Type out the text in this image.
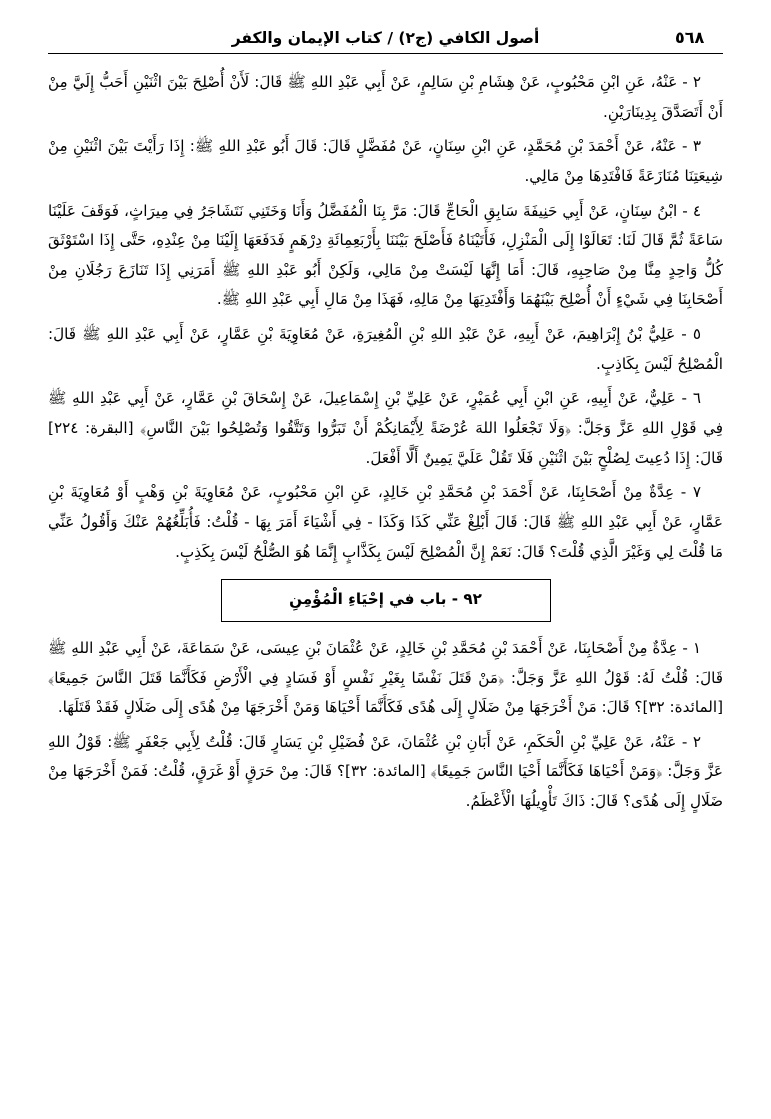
٥٦٨
أصول الكافي (ج٢) / كتاب الإيمان والكفر

٢ - عَنْهُ، عَنِ ابْنِ مَحْبُوبٍ، عَنْ هِشَامِ بْنِ سَالِمٍ، عَنْ أَبِي عَبْدِ اللهِ ﷺ قَالَ: لَأَنْ أُصْلِحَ بَيْنَ اثْنَيْنِ أَحَبُّ إِلَيَّ مِنْ أَنْ أَتَصَدَّقَ بِدِينَارَيْنِ.

٣ - عَنْهُ، عَنْ أَحْمَدَ بْنِ مُحَمَّدٍ، عَنِ ابْنِ سِنَانٍ، عَنْ مُفَضَّلٍ قَالَ: قَالَ أَبُو عَبْدِ اللهِ ﷺ: إِذَا رَأَيْتَ بَيْنَ اثْنَيْنِ مِنْ شِيعَتِنَا مُنَازَعَةً فَافْتَدِهَا مِنْ مَالِي.

٤ - ابْنُ سِنَانٍ، عَنْ أَبِي حَنِيفَةَ سَابِقِ الْحَاجِّ قَالَ: مَرَّ بِنَا الْمُفَضَّلُ وَأَنَا وَخَتَنِي نَتَشَاجَرُ فِي مِيرَاثٍ، فَوَقَفَ عَلَيْنَا سَاعَةً ثُمَّ قَالَ لَنَا: تَعَالَوْا إِلَى الْمَنْزِلِ، فَأَتَيْنَاهُ فَأَصْلَحَ بَيْنَنَا بِأَرْبَعِمِائَةِ دِرْهَمٍ فَدَفَعَهَا إِلَيْنَا مِنْ عِنْدِهِ، حَتَّى إِذَا اسْتَوْثَقَ كُلُّ وَاحِدٍ مِنَّا مِنْ صَاحِبِهِ، قَالَ: أَمَا إِنَّهَا لَيْسَتْ مِنْ مَالِي، وَلَكِنْ أَبُو عَبْدِ اللهِ ﷺ أَمَرَنِي إِذَا تَنَازَعَ رَجُلَانِ مِنْ أَصْحَابِنَا فِي شَيْءٍ أَنْ أُصْلِحَ بَيْنَهُمَا وَأَفْتَدِيَهَا مِنْ مَالِهِ، فَهَذَا مِنْ مَالِ أَبِي عَبْدِ اللهِ ﷺ.

٥ - عَلِيُّ بْنُ إِبْرَاهِيمَ، عَنْ أَبِيهِ، عَنْ عَبْدِ اللهِ بْنِ الْمُغِيرَةِ، عَنْ مُعَاوِيَةَ بْنِ عَمَّارٍ، عَنْ أَبِي عَبْدِ اللهِ ﷺ قَالَ: الْمُصْلِحُ لَيْسَ بِكَاذِبٍ.

٦ - عَلِيٌّ، عَنْ أَبِيهِ، عَنِ ابْنِ أَبِي عُمَيْرٍ، عَنْ عَلِيِّ بْنِ إِسْمَاعِيلَ، عَنْ إِسْحَاقَ بْنِ عَمَّارٍ، عَنْ أَبِي عَبْدِ اللهِ ﷺ فِي قَوْلِ اللهِ عَزَّ وَجَلَّ: ﴿وَلَا تَجْعَلُوا اللهَ عُرْضَةً لِأَيْمَانِكُمْ أَنْ تَبَرُّوا وَتَتَّقُوا وَتُصْلِحُوا بَيْنَ النَّاسِ﴾ [البقرة: ٢٢٤] قَالَ: إِذَا دُعِيتَ لِصُلْحٍ بَيْنَ اثْنَيْنِ فَلَا تَقُلْ عَلَيَّ يَمِينٌ أَلَّا أَفْعَلَ.

٧ - عِدَّةٌ مِنْ أَصْحَابِنَا، عَنْ أَحْمَدَ بْنِ مُحَمَّدِ بْنِ خَالِدٍ، عَنِ ابْنِ مَحْبُوبٍ، عَنْ مُعَاوِيَةَ بْنِ وَهْبٍ أَوْ مُعَاوِيَةَ بْنِ عَمَّارٍ، عَنْ أَبِي عَبْدِ اللهِ ﷺ قَالَ: قَالَ أَبْلِغْ عَنِّي كَذَا وَكَذَا - فِي أَشْيَاءَ أَمَرَ بِهَا - قُلْتُ: فَأُبَلِّغُهُمْ عَنْكَ وَأَقُولُ عَنِّي مَا قُلْتَ لِي وَغَيْرَ الَّذِي قُلْتَ؟ قَالَ: نَعَمْ إِنَّ الْمُصْلِحَ لَيْسَ بِكَذَّابٍ إِنَّمَا هُوَ الصُّلْحُ لَيْسَ بِكَذِبٍ.

٩٢ - باب في إحْيَاءِ الْمُؤْمِنِ

١ - عِدَّةٌ مِنْ أَصْحَابِنَا، عَنْ أَحْمَدَ بْنِ مُحَمَّدِ بْنِ خَالِدٍ، عَنْ عُثْمَانَ بْنِ عِيسَى، عَنْ سَمَاعَةَ، عَنْ أَبِي عَبْدِ اللهِ ﷺ قَالَ: قُلْتُ لَهُ: قَوْلُ اللهِ عَزَّ وَجَلَّ: ﴿مَنْ قَتَلَ نَفْسًا بِغَيْرِ نَفْسٍ أَوْ فَسَادٍ فِي الْأَرْضِ فَكَأَنَّمَا قَتَلَ النَّاسَ جَمِيعًا﴾ [المائدة: ٣٢]؟ قَالَ: مَنْ أَخْرَجَهَا مِنْ ضَلَالٍ إِلَى هُدًى فَكَأَنَّمَا أَحْيَاهَا وَمَنْ أَخْرَجَهَا مِنْ هُدًى إِلَى ضَلَالٍ فَقَدْ قَتَلَهَا.

٢ - عَنْهُ، عَنْ عَلِيِّ بْنِ الْحَكَمِ، عَنْ أَبَانِ بْنِ عُثْمَانَ، عَنْ فُضَيْلِ بْنِ يَسَارٍ قَالَ: قُلْتُ لِأَبِي جَعْفَرٍ ﷺ: قَوْلُ اللهِ عَزَّ وَجَلَّ: ﴿وَمَنْ أَحْيَاهَا فَكَأَنَّمَا أَحْيَا النَّاسَ جَمِيعًا﴾ [المائدة: ٣٢]؟ قَالَ: مِنْ حَرَقٍ أَوْ غَرَقٍ، قُلْتُ: فَمَنْ أَخْرَجَهَا مِنْ ضَلَالٍ إِلَى هُدًى؟ قَالَ: ذَاكَ تَأْوِيلُهَا الْأَعْظَمُ.
